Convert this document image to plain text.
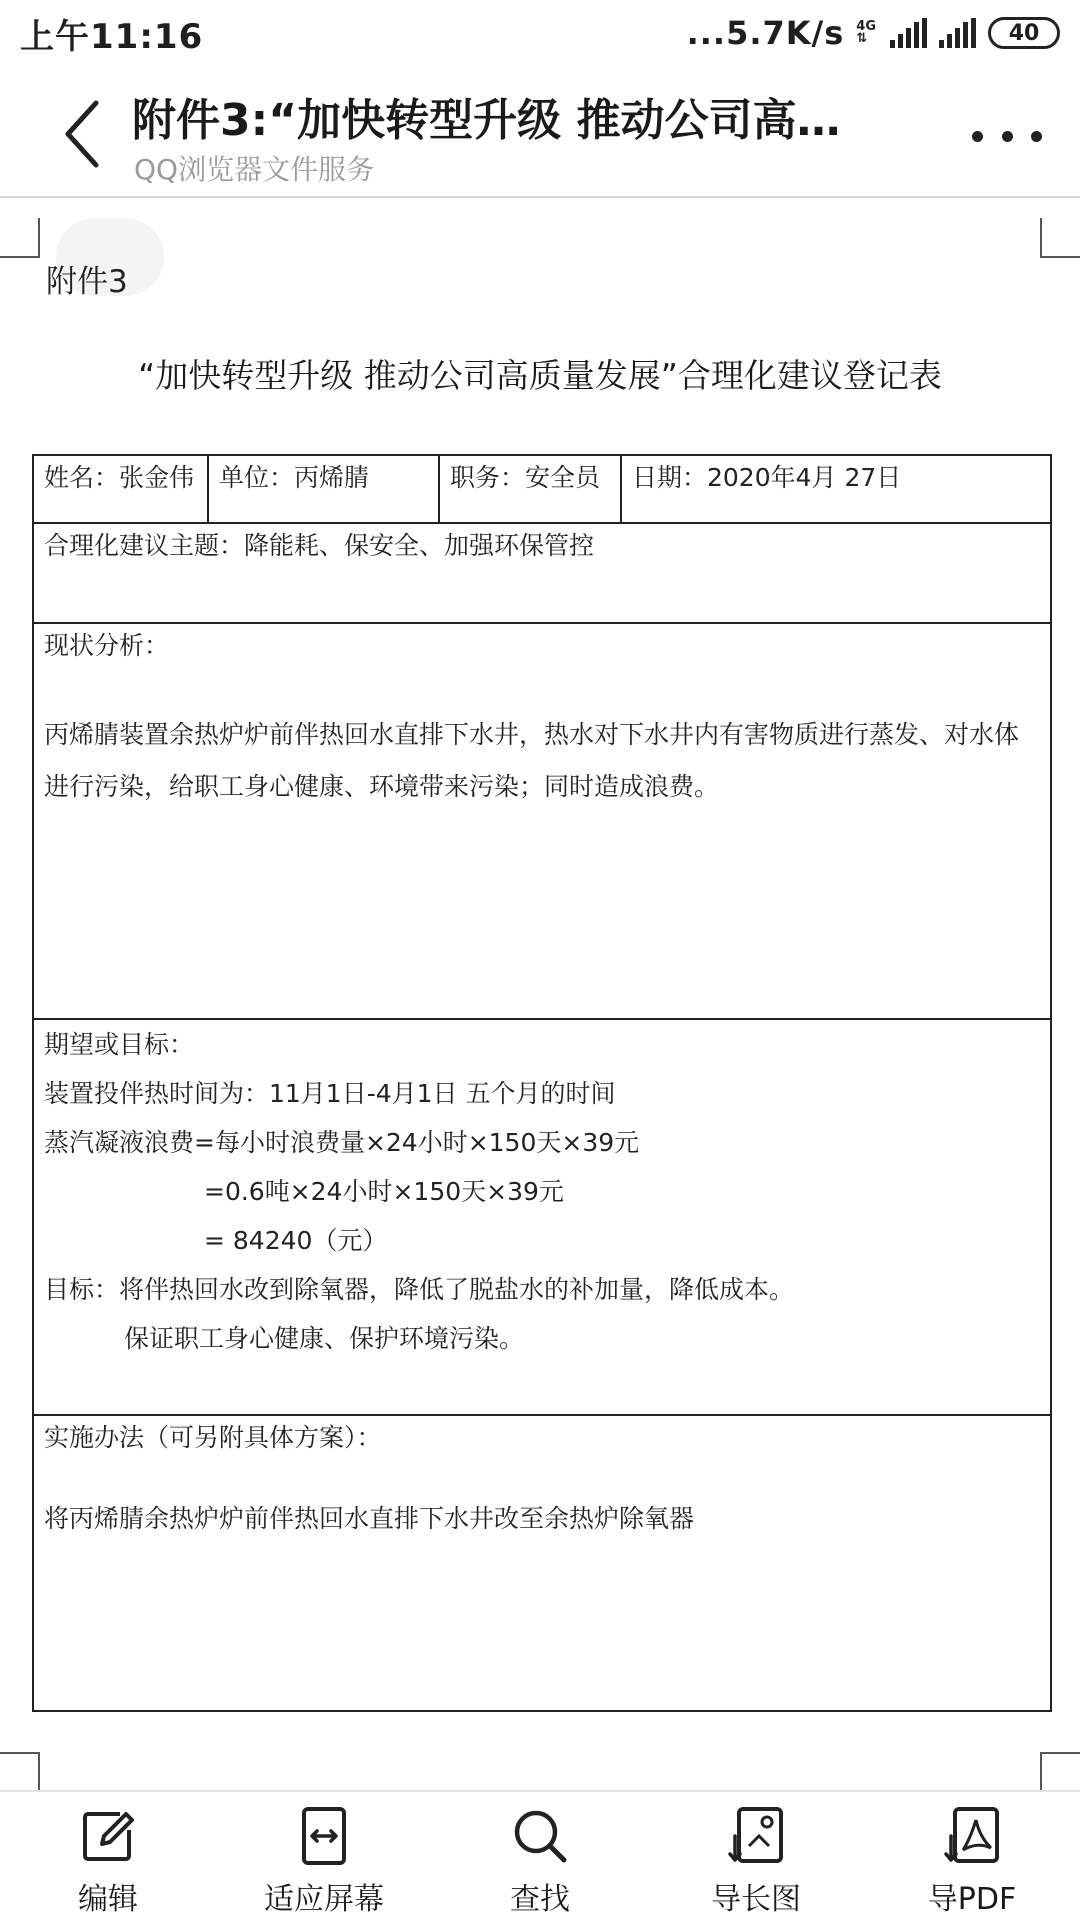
上午11:16	...5.7K/s 4G
⇅	40
附件3:“加快转型升级 推动公司高…
QQ浏览器文件服务
附件3
“加快转型升级 推动公司高质量发展”合理化建议登记表
姓名：张金伟	单位：丙烯腈	职务：安全员	日期：2020年4月 27日
合理化建议主题：降能耗、保安全、加强环保管控

现状分析：
丙烯腈装置余热炉炉前伴热回水直排下水井，热水对下水井内有害物质进行蒸发、对水体进行污染，给职工身心健康、环境带来污染；同时造成浪费。

期望或目标：
装置投伴热时间为：11月1日-4月1日 五个月的时间
蒸汽凝液浪费=每小时浪费量×24小时×150天×39元
=0.6吨×24小时×150天×39元
= 84240（元）
目标：将伴热回水改到除氧器，降低了脱盐水的补加量，降低成本。
保证职工身心健康、保护环境污染。

实施办法（可另附具体方案）：
将丙烯腈余热炉炉前伴热回水直排下水井改至余热炉除氧器
编辑	适应屏幕	查找	导长图	导PDF
